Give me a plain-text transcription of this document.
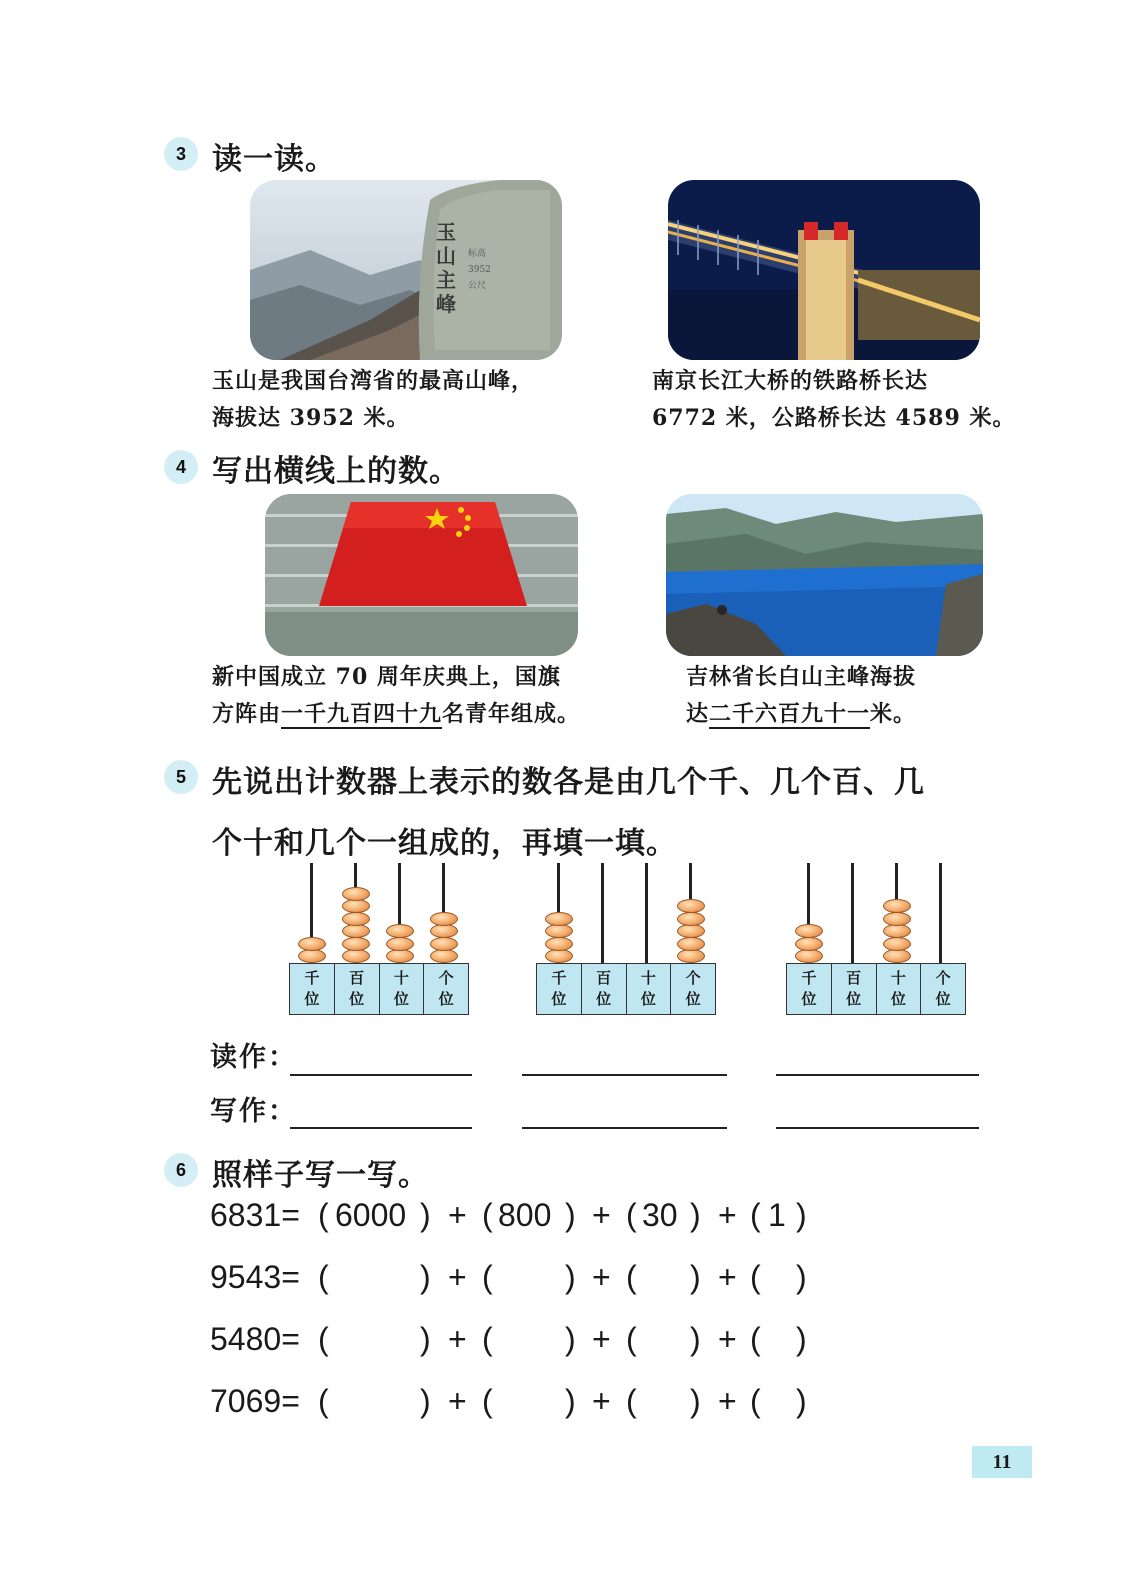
3 读一读。
玉
山
主
峰
标高
3952
公尺
玉山是我国台湾省的最高山峰，
海拔达 3952 米。
南京长江大桥的铁路桥长达
6772 米，公路桥长达 4589 米。
4 写出横线上的数。
新中国成立 70 周年庆典上，国旗
方阵由一千九百四十九名青年组成。
吉林省长白山主峰海拔
达二千六百九十一米。
5 先说出计数器上表示的数各是由几个千、几个百、几
个十和几个一组成的，再填一填。
千
位
百
位
十
位
个
位
千
位
百
位
十
位
个
位
千
位
百
位
十
位
个
位
读作：
写作：
6 照样子写一写。
6831= ( 6000 ) + ( 800 ) + ( 30 ) + ( 1 )
9543= (	) + ( ) + ( ) + ( )
5480= (	) + ( ) + ( ) + ( )
7069= (	) + ( ) + ( ) + ( )
11
